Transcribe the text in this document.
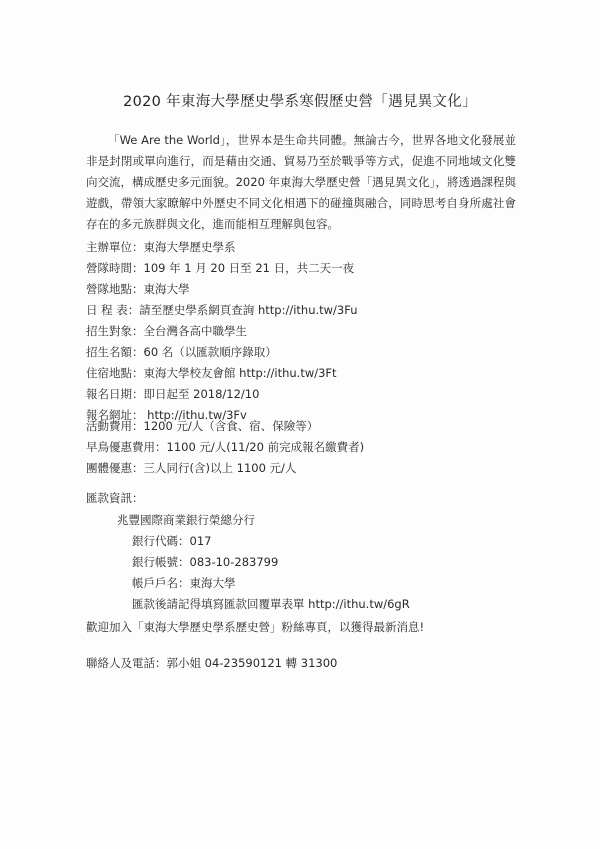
2020 年東海大學歷史學系寒假歷史營「遇見異文化」
「We Are the World」，世界本是生命共同體。無論古今，世界各地文化發展並非是封閉或單向進行，而是藉由交通、貿易乃至於戰爭等方式，促進不同地域文化雙向交流，構成歷史多元面貌。2020 年東海大學歷史營「遇見異文化」，將透過課程與遊戲，帶領大家瞭解中外歷史不同文化相遇下的碰撞與融合，同時思考自身所處社會存在的多元族群與文化，進而能相互理解與包容。
主辦單位：東海大學歷史學系
營隊時間：109 年 1 月 20 日至 21 日，共二天一夜
營隊地點：東海大學
日 程 表：請至歷史學系網頁查詢 http://ithu.tw/3Fu
招生對象：全台灣各高中職學生
招生名額：60 名（以匯款順序錄取）
住宿地點：東海大學校友會館 http://ithu.tw/3Ft
報名日期：即日起至 2018/12/10
報名網址： http://ithu.tw/3Fv
活動費用：1200 元/人（含食、宿、保險等）
早鳥優惠費用：1100 元/人(11/20 前完成報名繳費者)
團體優惠：三人同行(含)以上 1100 元/人
匯款資訊：
兆豐國際商業銀行榮總分行
銀行代碼：017
銀行帳號：083-10-283799
帳戶戶名：東海大學
匯款後請記得填寫匯款回覆單表單 http://ithu.tw/6gR
歡迎加入「東海大學歷史學系歷史營」粉絲專頁，以獲得最新消息!
聯絡人及電話：郭小姐 04-23590121 轉 31300
